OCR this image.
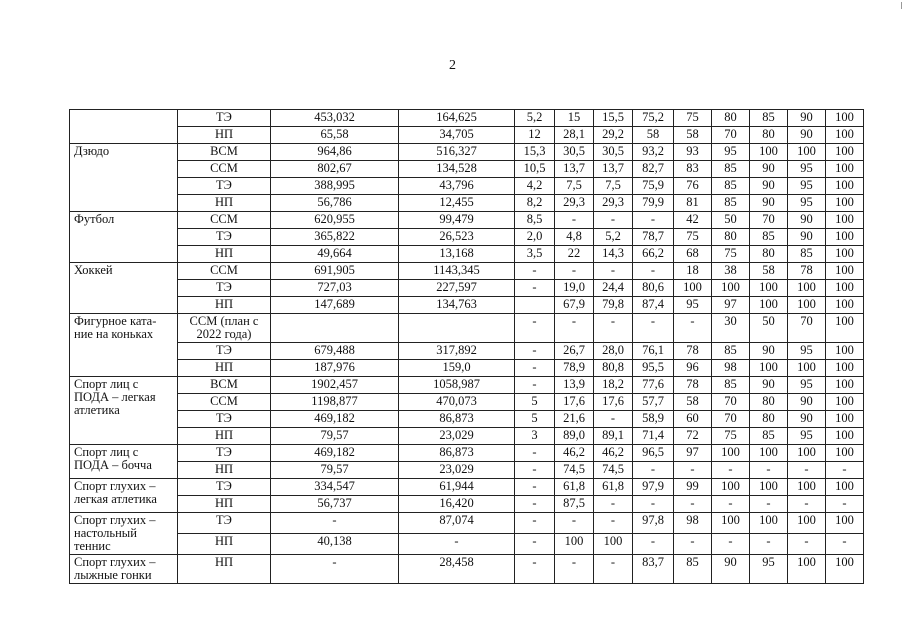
2
	ТЭ	453,032	164,625	5,2	15	15,5	75,2	75	80	85	90	100
	НП	65,58	34,705	12	28,1	29,2	58	58	70	80	90	100
Дзюдо	ВСМ	964,86	516,327	15,3	30,5	30,5	93,2	93	95	100	100	100
	ССМ	802,67	134,528	10,5	13,7	13,7	82,7	83	85	90	95	100
	ТЭ	388,995	43,796	4,2	7,5	7,5	75,9	76	85	90	95	100
	НП	56,786	12,455	8,2	29,3	29,3	79,9	81	85	90	95	100
Футбол	ССМ	620,955	99,479	8,5	-	-	-	42	50	70	90	100
	ТЭ	365,822	26,523	2,0	4,8	5,2	78,7	75	80	85	90	100
	НП	49,664	13,168	3,5	22	14,3	66,2	68	75	80	85	100
Хоккей	ССМ	691,905	1143,345	-	-	-	-	18	38	58	78	100
	ТЭ	727,03	227,597	-	19,0	24,4	80,6	100	100	100	100	100
	НП	147,689	134,763		67,9	79,8	87,4	95	97	100	100	100
Фигурное ката-ние на коньках	ССМ (план с 2022 года)			-	-	-	-	-	30	50	70	100
	ТЭ	679,488	317,892	-	26,7	28,0	76,1	78	85	90	95	100
	НП	187,976	159,0	-	78,9	80,8	95,5	96	98	100	100	100
Спорт лиц с ПОДА – легкая атлетика	ВСМ	1902,457	1058,987	-	13,9	18,2	77,6	78	85	90	95	100
	ССМ	1198,877	470,073	5	17,6	17,6	57,7	58	70	80	90	100
	ТЭ	469,182	86,873	5	21,6	-	58,9	60	70	80	90	100
	НП	79,57	23,029	3	89,0	89,1	71,4	72	75	85	95	100
Спорт лиц с ПОДА – бочча	ТЭ	469,182	86,873	-	46,2	46,2	96,5	97	100	100	100	100
	НП	79,57	23,029	-	74,5	74,5	-	-	-	-	-	-
Спорт глухих – легкая атлетика	ТЭ	334,547	61,944	-	61,8	61,8	97,9	99	100	100	100	100
	НП	56,737	16,420	-	87,5	-	-	-	-	-	-	-
Спорт глухих – настольный теннис	ТЭ	-	87,074	-	-	-	97,8	98	100	100	100	100
	НП	40,138	-	-	100	100	-	-	-	-	-	-
Спорт глухих – лыжные гонки	НП	-	28,458	-	-	-	83,7	85	90	95	100	100
